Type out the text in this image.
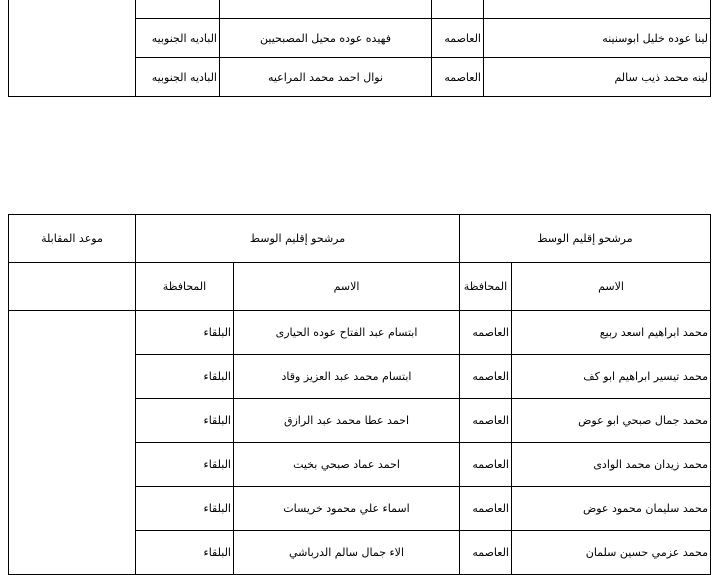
	الباديه الجنوبيه	فهيده عوده محيل المصبحيين	العاصمه	لينا عوده خليل ابوسنينه
	الباديه الجنوبيه	نوال احمد محمد المراعيه	العاصمه	لينه محمد ذيب سالم
موعد المقابلة	مرشحو إقليم الوسط		مرشحو إقليم الوسط	
	المحافظة	الاسم	المحافظة	الاسم
	البلقاء	ابتسام عبد الفتاح عوده الحيارى	العاصمه	محمد ابراهيم اسعد ربيع
	البلقاء	ابتسام محمد عبد العزيز وقاد	العاصمه	محمد تيسير ابراهيم ابو كف
	البلقاء	احمد عطا محمد عبد الرازق	العاصمه	محمد جمال صبحي ابو عوض
	البلقاء	احمد عماد صبحي بخيت	العاصمه	محمد زيدان محمد الوادى
	البلقاء	اسماء علي محمود خريسات	العاصمه	محمد سليمان محمود عوض
	البلقاء	الاء جمال سالم الدرباشي	العاصمه	محمد عزمي حسين سلمان
